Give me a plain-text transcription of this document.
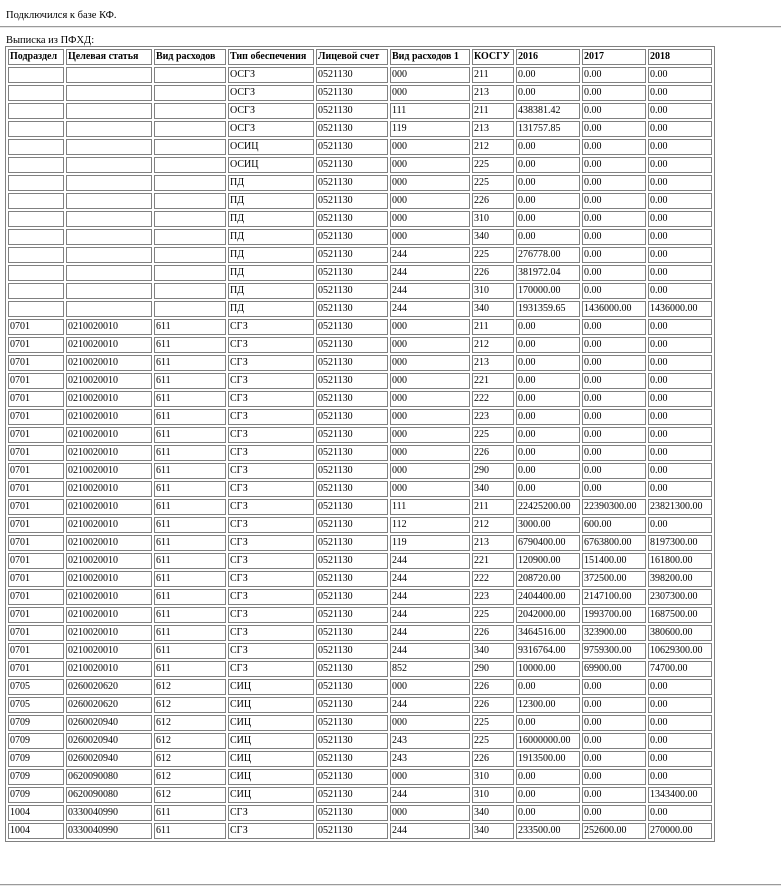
Подключился к базе КФ.
Выписка из ПФХД:
Подраздел	Целевая статья	Вид расходов	Тип обеспечения	Лицевой счет	Вид расходов 1	КОСГУ	2016	2017	2018
			ОСГЗ	0521130	000	211	0.00	0.00	0.00
			ОСГЗ	0521130	000	213	0.00	0.00	0.00
			ОСГЗ	0521130	111	211	438381.42	0.00	0.00
			ОСГЗ	0521130	119	213	131757.85	0.00	0.00
			ОСИЦ	0521130	000	212	0.00	0.00	0.00
			ОСИЦ	0521130	000	225	0.00	0.00	0.00
			ПД	0521130	000	225	0.00	0.00	0.00
			ПД	0521130	000	226	0.00	0.00	0.00
			ПД	0521130	000	310	0.00	0.00	0.00
			ПД	0521130	000	340	0.00	0.00	0.00
			ПД	0521130	244	225	276778.00	0.00	0.00
			ПД	0521130	244	226	381972.04	0.00	0.00
			ПД	0521130	244	310	170000.00	0.00	0.00
			ПД	0521130	244	340	1931359.65	1436000.00	1436000.00
0701	0210020010	611	СГЗ	0521130	000	211	0.00	0.00	0.00
0701	0210020010	611	СГЗ	0521130	000	212	0.00	0.00	0.00
0701	0210020010	611	СГЗ	0521130	000	213	0.00	0.00	0.00
0701	0210020010	611	СГЗ	0521130	000	221	0.00	0.00	0.00
0701	0210020010	611	СГЗ	0521130	000	222	0.00	0.00	0.00
0701	0210020010	611	СГЗ	0521130	000	223	0.00	0.00	0.00
0701	0210020010	611	СГЗ	0521130	000	225	0.00	0.00	0.00
0701	0210020010	611	СГЗ	0521130	000	226	0.00	0.00	0.00
0701	0210020010	611	СГЗ	0521130	000	290	0.00	0.00	0.00
0701	0210020010	611	СГЗ	0521130	000	340	0.00	0.00	0.00
0701	0210020010	611	СГЗ	0521130	111	211	22425200.00	22390300.00	23821300.00
0701	0210020010	611	СГЗ	0521130	112	212	3000.00	600.00	0.00
0701	0210020010	611	СГЗ	0521130	119	213	6790400.00	6763800.00	8197300.00
0701	0210020010	611	СГЗ	0521130	244	221	120900.00	151400.00	161800.00
0701	0210020010	611	СГЗ	0521130	244	222	208720.00	372500.00	398200.00
0701	0210020010	611	СГЗ	0521130	244	223	2404400.00	2147100.00	2307300.00
0701	0210020010	611	СГЗ	0521130	244	225	2042000.00	1993700.00	1687500.00
0701	0210020010	611	СГЗ	0521130	244	226	3464516.00	323900.00	380600.00
0701	0210020010	611	СГЗ	0521130	244	340	9316764.00	9759300.00	10629300.00
0701	0210020010	611	СГЗ	0521130	852	290	10000.00	69900.00	74700.00
0705	0260020620	612	СИЦ	0521130	000	226	0.00	0.00	0.00
0705	0260020620	612	СИЦ	0521130	244	226	12300.00	0.00	0.00
0709	0260020940	612	СИЦ	0521130	000	225	0.00	0.00	0.00
0709	0260020940	612	СИЦ	0521130	243	225	16000000.00	0.00	0.00
0709	0260020940	612	СИЦ	0521130	243	226	1913500.00	0.00	0.00
0709	0620090080	612	СИЦ	0521130	000	310	0.00	0.00	0.00
0709	0620090080	612	СИЦ	0521130	244	310	0.00	0.00	1343400.00
1004	0330040990	611	СГЗ	0521130	000	340	0.00	0.00	0.00
1004	0330040990	611	СГЗ	0521130	244	340	233500.00	252600.00	270000.00
